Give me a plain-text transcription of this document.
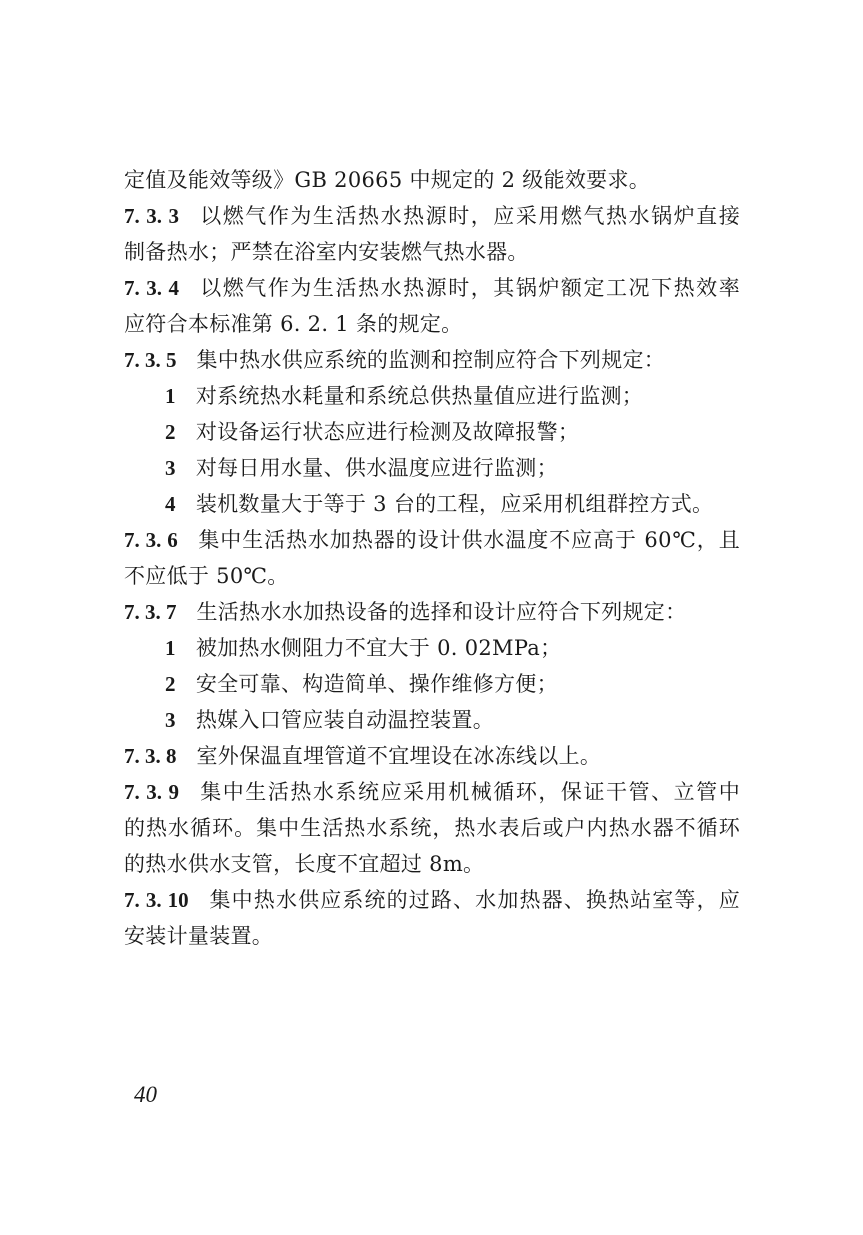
定值及能效等级》GB 20665 中规定的 2 级能效要求。
7. 3. 3 以燃气作为生活热水热源时，应采用燃气热水锅炉直接
制备热水；严禁在浴室内安装燃气热水器。
7. 3. 4 以燃气作为生活热水热源时，其锅炉额定工况下热效率
应符合本标准第 6. 2. 1 条的规定。
7. 3. 5 集中热水供应系统的监测和控制应符合下列规定：
1 对系统热水耗量和系统总供热量值应进行监测；
2 对设备运行状态应进行检测及故障报警；
3 对每日用水量、供水温度应进行监测；
4 装机数量大于等于 3 台的工程，应采用机组群控方式。
7. 3. 6 集中生活热水加热器的设计供水温度不应高于 60℃，且
不应低于 50℃。
7. 3. 7 生活热水水加热设备的选择和设计应符合下列规定：
1 被加热水侧阻力不宜大于 0. 02MPa；
2 安全可靠、构造简单、操作维修方便；
3 热媒入口管应装自动温控装置。
7. 3. 8 室外保温直埋管道不宜埋设在冰冻线以上。
7. 3. 9 集中生活热水系统应采用机械循环，保证干管、立管中
的热水循环。集中生活热水系统，热水表后或户内热水器不循环
的热水供水支管，长度不宜超过 8m。
7. 3. 10 集中热水供应系统的过路、水加热器、换热站室等，应
安装计量装置。
40
